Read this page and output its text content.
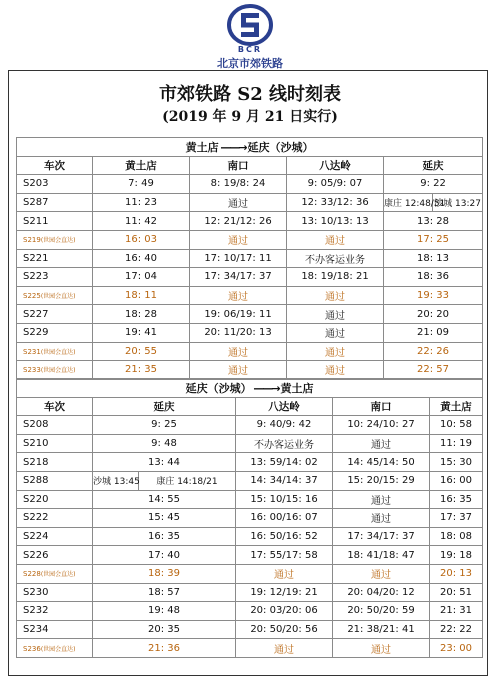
BCR
北京市郊铁路
市郊铁路 S2 线时刻表
(2019 年 9 月 21 日实行)
黄土店 ——→ 延庆（沙城）					
车次	黄土店	南口	八达岭	延庆	
S203	7: 49	8: 19/8: 24	9: 05/9: 07	9: 22	
S287	11: 23	通过	12: 33/12: 36	康庄 12:48/51	沙城 13:27
S211	11: 42	12: 21/12: 26	13: 10/13: 13	13: 28	
S219(世园会直达)	16: 03	通过	通过	17: 25	
S221	16: 40	17: 10/17: 11	不办客运业务	18: 13	
S223	17: 04	17: 34/17: 37	18: 19/18: 21	18: 36	
S225(世园会直达)	18: 11	通过	通过	19: 33	
S227	18: 28	19: 06/19: 11	通过	20: 20	
S229	19: 41	20: 11/20: 13	通过	21: 09	
S231(世园会直达)	20: 55	通过	通过	22: 26	
S233(世园会直达)	21: 35	通过	通过	22: 57	
延庆（沙城） ——→ 黄土店					
车次	延庆		八达岭	南口	黄土店
S208	9: 25		9: 40/9: 42	10: 24/10: 27	10: 58
S210	9: 48		不办客运业务	通过	11: 19
S218	13: 44		13: 59/14: 02	14: 45/14: 50	15: 30
S288	沙城 13:45	康庄 14:18/21	14: 34/14: 37	15: 20/15: 29	16: 00
S220	14: 55		15: 10/15: 16	通过	16: 35
S222	15: 45		16: 00/16: 07	通过	17: 37
S224	16: 35		16: 50/16: 52	17: 34/17: 37	18: 08
S226	17: 40		17: 55/17: 58	18: 41/18: 47	19: 18
S228(世园会直达)	18: 39		通过	通过	20: 13
S230	18: 57		19: 12/19: 21	20: 04/20: 12	20: 51
S232	19: 48		20: 03/20: 06	20: 50/20: 59	21: 31
S234	20: 35		20: 50/20: 56	21: 38/21: 41	22: 22
S236(世园会直达)	21: 36		通过	通过	23: 00
